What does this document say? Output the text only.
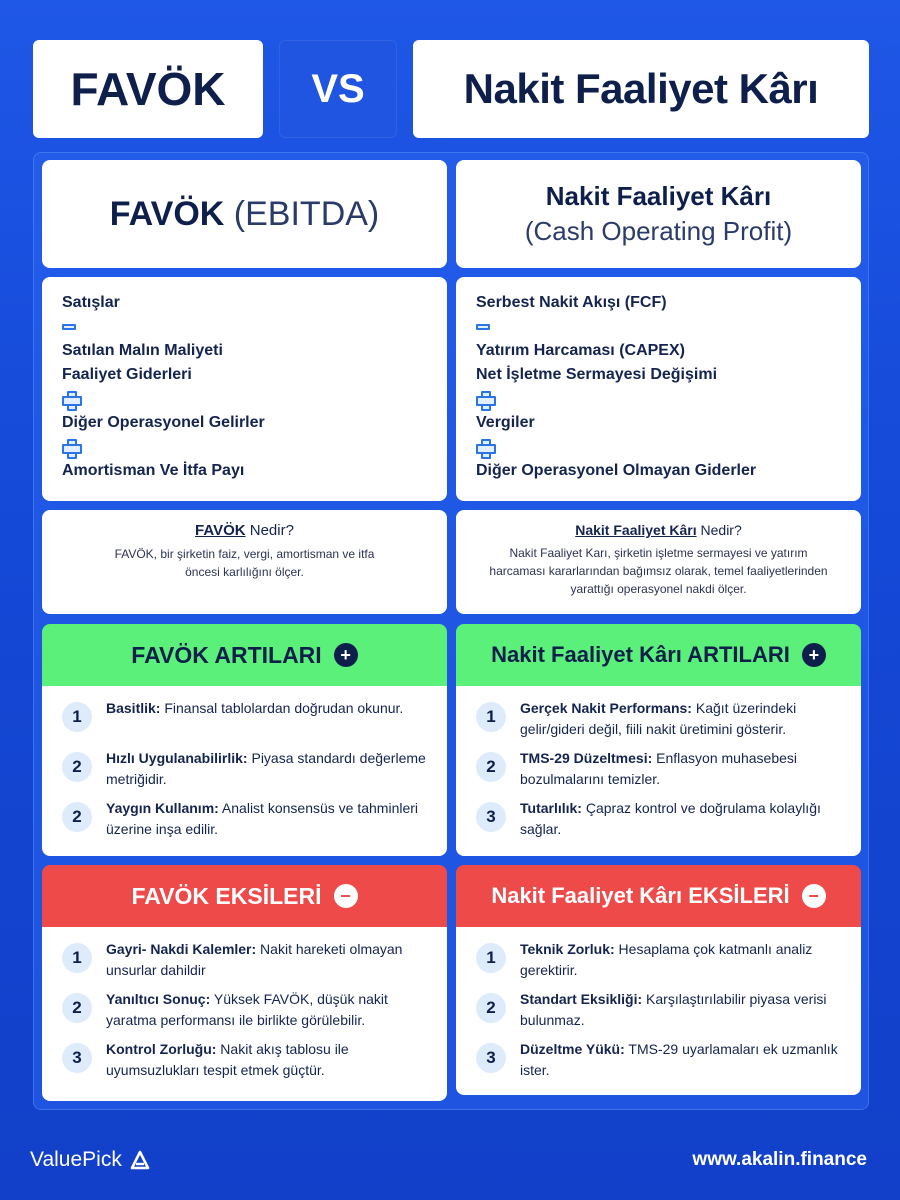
FAVÖK	VS	Nakit Faaliyet Kârı
FAVÖK (EBITDA)	Nakit Faaliyet Kârı
(Cash Operating Profit)
Satışlar
Satılan Malın Maliyeti
Faaliyet Giderleri
Diğer Operasyonel Gelirler
Amortisman Ve İtfa Payı
Serbest Nakit Akışı (FCF)
Yatırım Harcaması (CAPEX)
Net İşletme Sermayesi Değişimi
Vergiler
Diğer Operasyonel Olmayan Giderler
FAVÖK Nedir?
FAVÖK, bir şirketin faiz, vergi, amortisman ve itfa öncesi karlılığını ölçer.
Nakit Faaliyet Kârı Nedir?
Nakit Faaliyet Karı, şirketin işletme sermayesi ve yatırım harcaması kararlarından bağımsız olarak, temel faaliyetlerinden yarattığı operasyonel nakdi ölçer.
FAVÖK ARTILARI	+	Nakit Faaliyet Kârı ARTILARI	+
1	Basitlik: Finansal tablolardan doğrudan okunur.
2	Hızlı Uygulanabilirlik: Piyasa standardı değerleme metriğidir.
2	Yaygın Kullanım: Analist konsensüs ve tahminleri üzerine inşa edilir.
1	Gerçek Nakit Performans: Kağıt üzerindeki gelir/gideri değil, fiili nakit üretimini gösterir.
2	TMS-29 Düzeltmesi: Enflasyon muhasebesi bozulmalarını temizler.
3	Tutarlılık: Çapraz kontrol ve doğrulama kolaylığı sağlar.
FAVÖK EKSİLERİ	−	Nakit Faaliyet Kârı EKSİLERİ	−
1	Gayri- Nakdi Kalemler: Nakit hareketi olmayan unsurlar dahildir
2	Yanıltıcı Sonuç: Yüksek FAVÖK, düşük nakit yaratma performansı ile birlikte görülebilir.
3	Kontrol Zorluğu: Nakit akış tablosu ile uyumsuzlukları tespit etmek güçtür.
1	Teknik Zorluk: Hesaplama çok katmanlı analiz gerektirir.
2	Standart Eksikliği: Karşılaştırılabilir piyasa verisi bulunmaz.
3	Düzeltme Yükü: TMS-29 uyarlamaları ek uzmanlık ister.
ValuePick	www.akalin.finance
